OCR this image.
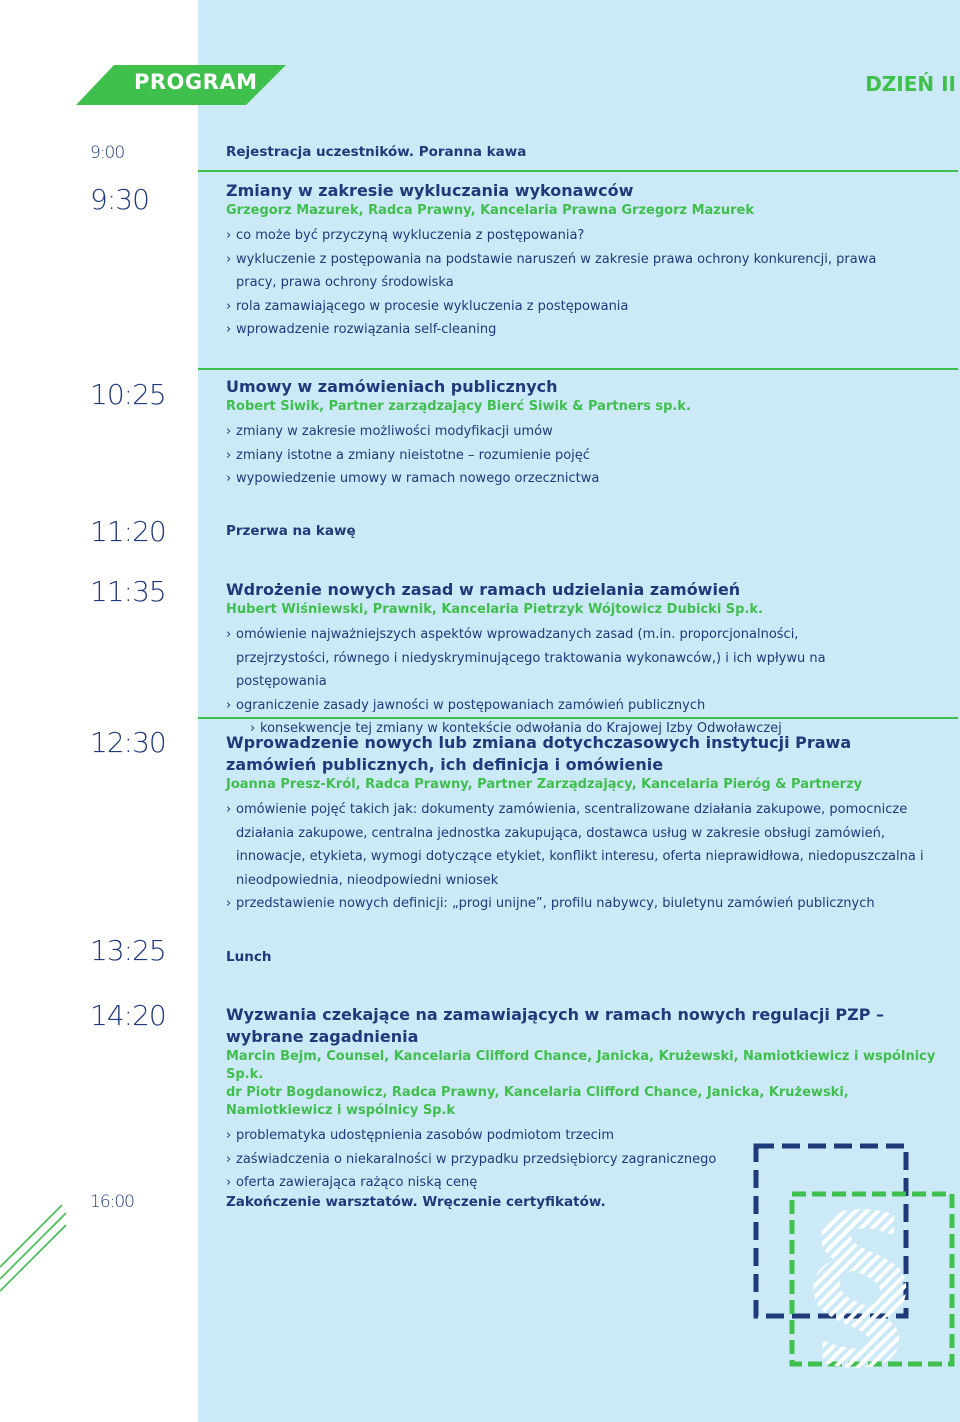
PROGRAM	DZIEŃ II
9:00	Rejestracja uczestników. Poranna kawa
9:30	Zmiany w zakresie wykluczania wykonawców
Grzegorz Mazurek, Radca Prawny, Kancelaria Prawna Grzegorz Mazurek
› co może być przyczyną wykluczenia z postępowania?
› wykluczenie z postępowania na podstawie naruszeń w zakresie prawa ochrony konkurencji, prawa pracy, prawa ochrony środowiska
› rola zamawiającego w procesie wykluczenia z postępowania
› wprowadzenie rozwiązania self-cleaning
10:25	Umowy w zamówieniach publicznych
Robert Siwik, Partner zarządzający Bierć Siwik & Partners sp.k.
› zmiany w zakresie możliwości modyfikacji umów
› zmiany istotne a zmiany nieistotne – rozumienie pojęć
› wypowiedzenie umowy w ramach nowego orzecznictwa
11:20	Przerwa na kawę
11:35	Wdrożenie nowych zasad w ramach udzielania zamówień
Hubert Wiśniewski, Prawnik, Kancelaria Pietrzyk Wójtowicz Dubicki Sp.k.
› omówienie najważniejszych aspektów wprowadzanych zasad (m.in. proporcjonalności, przejrzystości, równego i niedyskryminującego traktowania wykonawców,) i ich wpływu na postępowania
› ograniczenie zasady jawności w postępowaniach zamówień publicznych
› konsekwencje tej zmiany w kontekście odwołania do Krajowej Izby Odwoławczej
12:30	Wprowadzenie nowych lub zmiana dotychczasowych instytucji Prawa zamówień publicznych, ich definicja i omówienie
Joanna Presz-Król, Radca Prawny, Partner Zarządzający, Kancelaria Pieróg & Partnerzy
› omówienie pojęć takich jak: dokumenty zamówienia, scentralizowane działania zakupowe, pomocnicze działania zakupowe, centralna jednostka zakupująca, dostawca usług w zakresie obsługi zamówień, innowacje, etykieta, wymogi dotyczące etykiet, konflikt interesu, oferta nieprawidłowa, niedopuszczalna i nieodpowiednia, nieodpowiedni wniosek
› przedstawienie nowych definicji: „progi unijne”, profilu nabywcy, biuletynu zamówień publicznych
13:25	Lunch
14:20	Wyzwania czekające na zamawiających w ramach nowych regulacji PZP – wybrane zagadnienia
Marcin Bejm, Counsel, Kancelaria Clifford Chance, Janicka, Krużewski, Namiotkiewicz i wspólnicy Sp.k.
dr Piotr Bogdanowicz, Radca Prawny, Kancelaria Clifford Chance, Janicka, Krużewski, Namiotkiewicz i wspólnicy Sp.k
› problematyka udostępnienia zasobów podmiotom trzecim
› zaświadczenia o niekaralności w przypadku przedsiębiorcy zagranicznego
› oferta zawierająca rażąco niską cenę
16:00	Zakończenie warsztatów. Wręczenie certyfikatów.	§
